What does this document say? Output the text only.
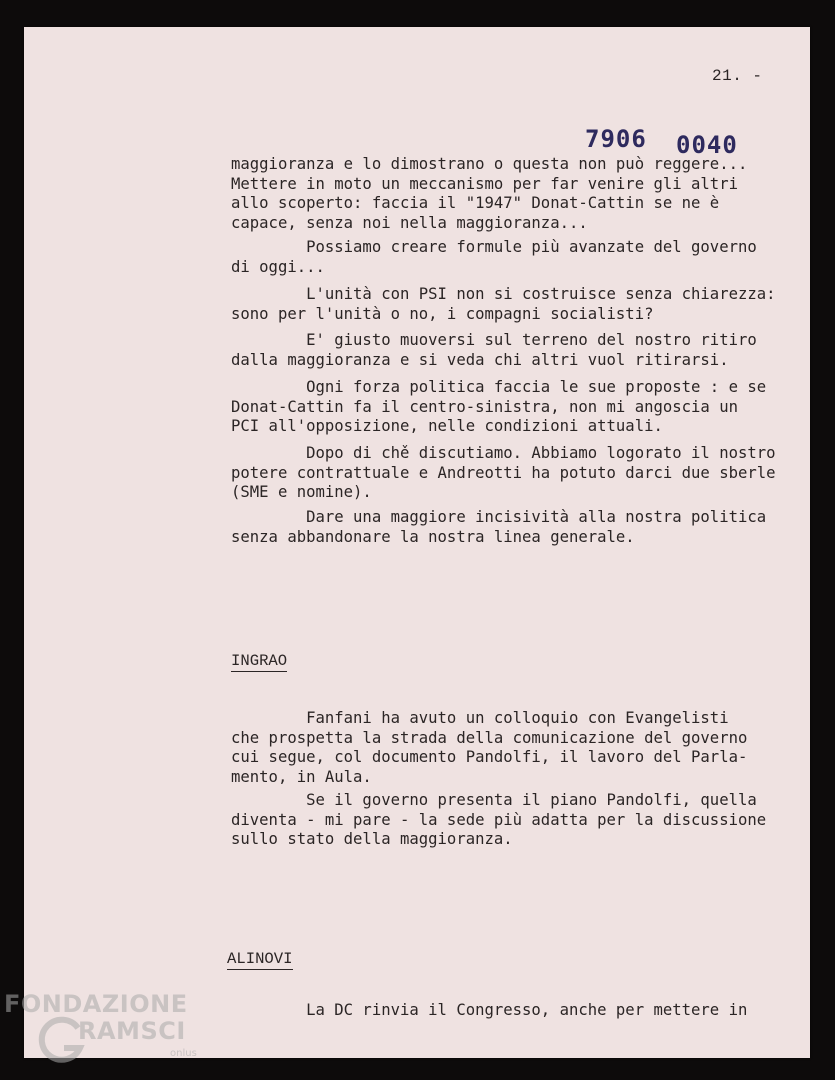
21. -
7906 0040
maggioranza e lo dimostrano o questa non può reggere...
Mettere in moto un meccanismo per far venire gli altri
allo scoperto: faccia il "1947" Donat-Cattin se ne è
capace, senza noi nella maggioranza...
Possiamo creare formule più avanzate del governo
di oggi...
L'unità con PSI non si costruisce senza chiarezza:
sono per l'unità o no, i compagni socialisti?
E' giusto muoversi sul terreno del nostro ritiro
dalla maggioranza e si veda chi altri vuol ritirarsi.
Ogni forza politica faccia le sue proposte : e se
Donat-Cattin fa il centro-sinistra, non mi angoscia un
PCI all'opposizione, nelle condizioni attuali.
Dopo di chě discutiamo. Abbiamo logorato il nostro
potere contrattuale e Andreotti ha potuto darci due sberle
(SME e nomine).
Dare una maggiore incisività alla nostra politica
senza abbandonare la nostra linea generale.
INGRAO
Fanfani ha avuto un colloquio con Evangelisti
che prospetta la strada della comunicazione del governo
cui segue, col documento Pandolfi, il lavoro del Parla-
mento, in Aula.
Se il governo presenta il piano Pandolfi, quella
diventa - mi pare - la sede più adatta per la discussione
sullo stato della maggioranza.
ALINOVI
La DC rinvia il Congresso, anche per mettere in
FONDAZIONE
RAMSCI
onlus
